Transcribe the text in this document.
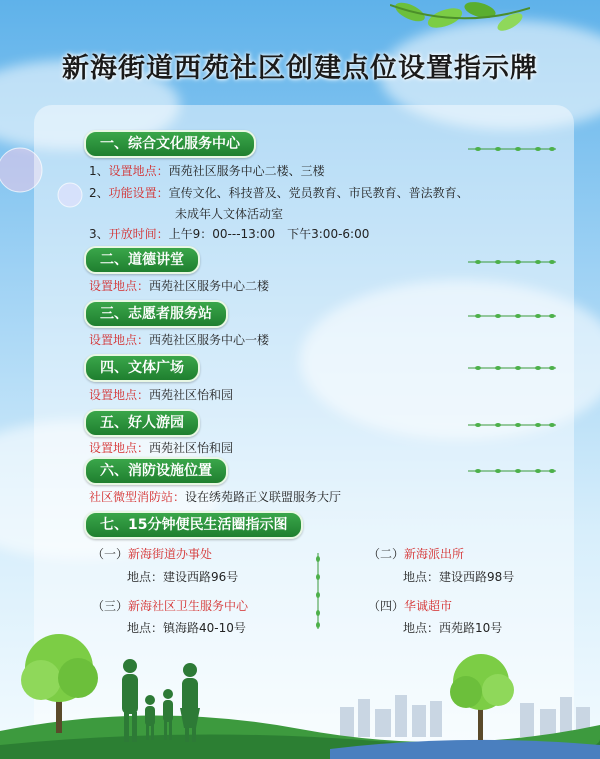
新海街道西苑社区创建点位设置指示牌
一、综合文化服务中心
1、设置地点：西苑社区服务中心二楼、三楼
2、功能设置：宣传文化、科技普及、党员教育、市民教育、普法教育、
未成年人文体活动室
3、开放时间：上午9：00---13:00　下午3:00-6:00
二、道德讲堂
设置地点：西苑社区服务中心二楼
三、志愿者服务站
设置地点：西苑社区服务中心一楼
四、文体广场
设置地点：西苑社区怡和园
五、好人游园
设置地点：西苑社区怡和园
六、消防设施位置
社区微型消防站：设在绣苑路正义联盟服务大厅
七、15分钟便民生活圈指示图
（一）新海街道办事处
地点：建设西路96号
（二）新海派出所
地点：建设西路98号
（三）新海社区卫生服务中心
地点：镇海路40-10号
（四）华诚超市
地点：西苑路10号
